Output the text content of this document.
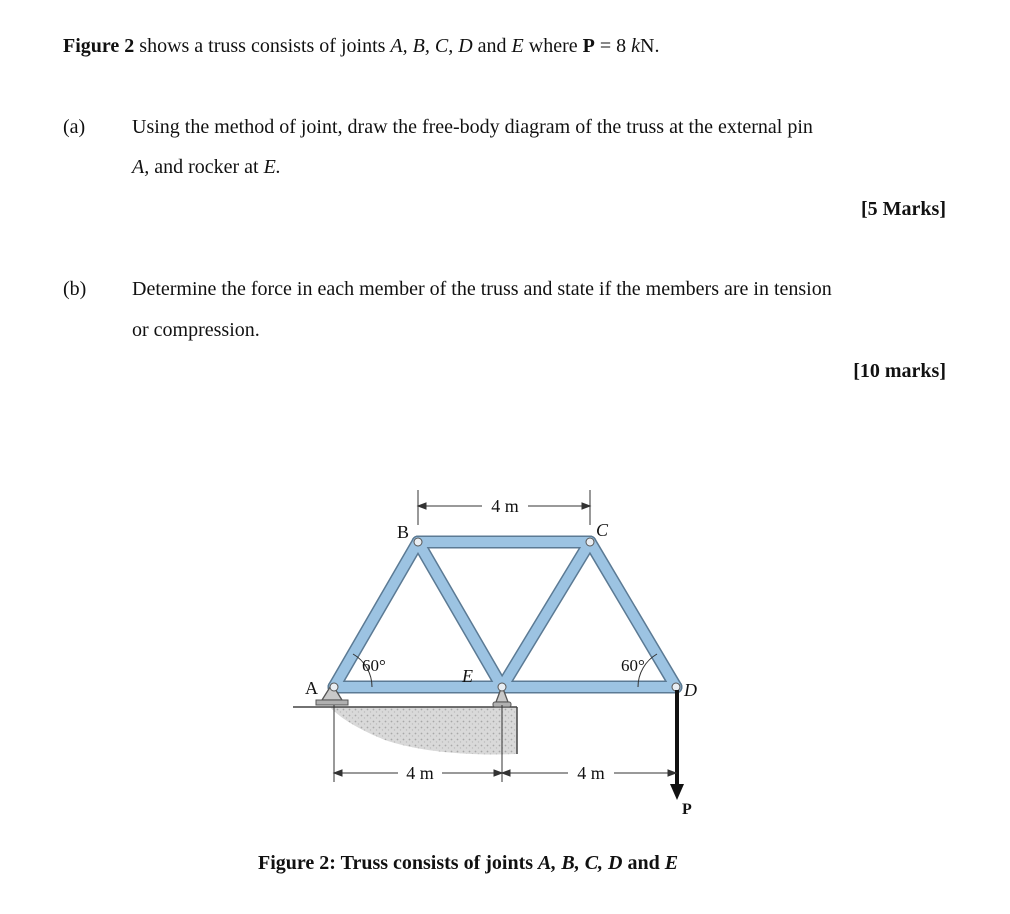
Figure 2 shows a truss consists of joints A, B, C, D and E where P = 8 kN.
(a) Using the method of joint, draw the free-body diagram of the truss at the external pin
A, and rocker at E.
[5 Marks]
(b) Determine the force in each member of the truss and state if the members are in tension
or compression.
[10 marks]
4 m
4 m	4 m
A
B	C
D
E
60°	60°
P
Figure 2: Truss consists of joints A, B, C, D and E
